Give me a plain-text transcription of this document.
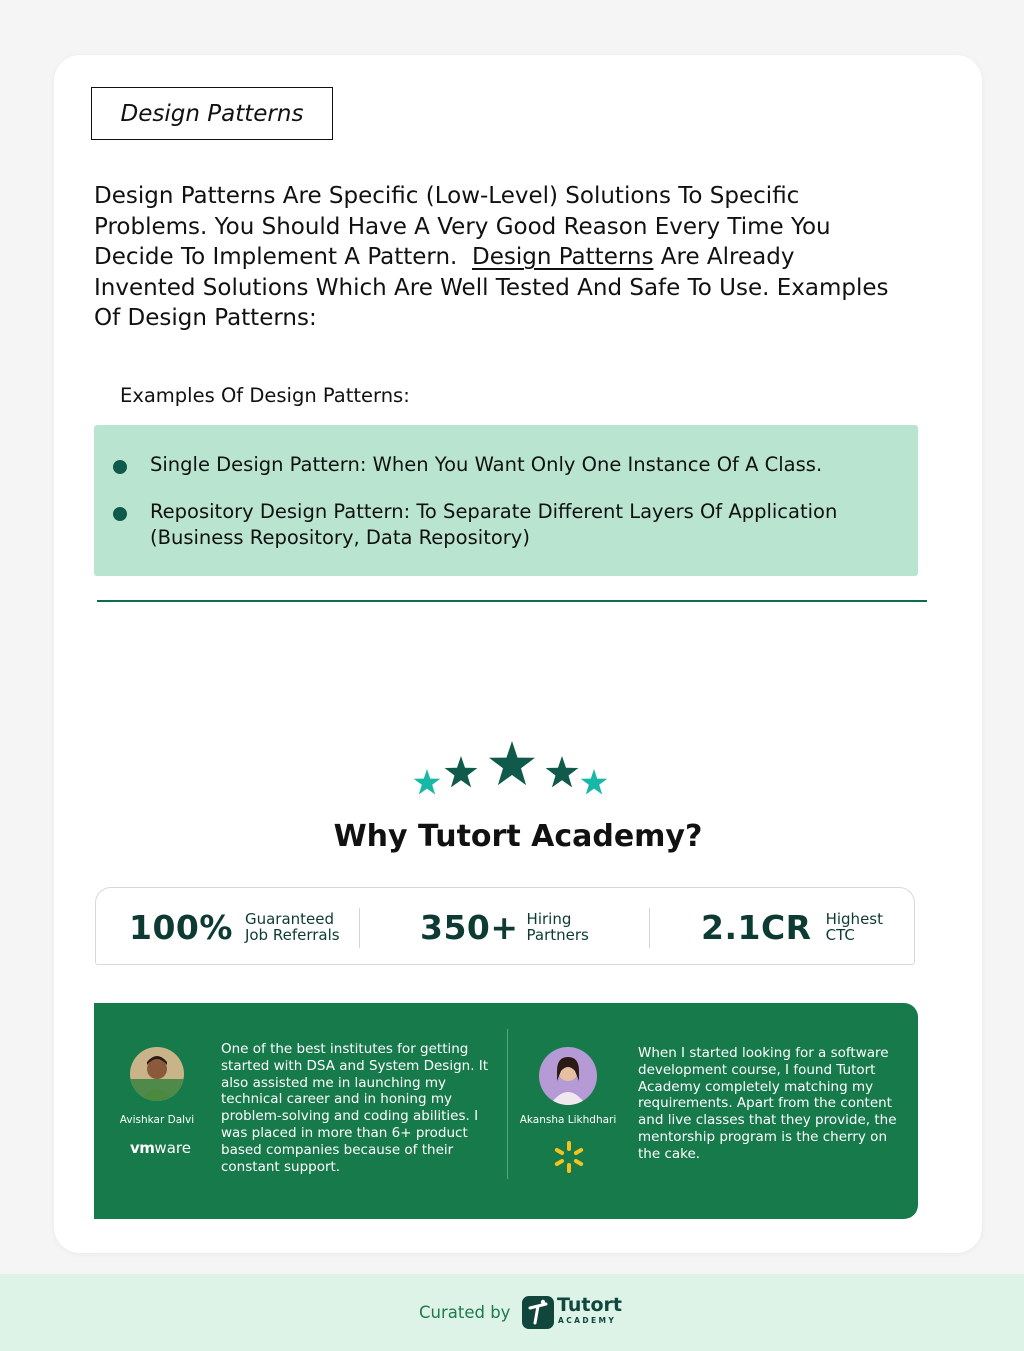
Design Patterns
Design Patterns Are Specific (Low-Level) Solutions To Specific Problems. You Should Have A Very Good Reason Every Time You Decide To Implement A Pattern. Design Patterns Are Already Invented Solutions Which Are Well Tested And Safe To Use. Examples Of Design Patterns:
Examples Of Design Patterns:
Single Design Pattern: When You Want Only One Instance Of A Class.
Repository Design Pattern: To Separate Different Layers Of Application (Business Repository, Data Repository)
Why Tutort Academy?
100% Guaranteed
Job Referrals 350+ Hiring
Partners	2.1CR Highest
CTC
Avishkar Dalvi
vmware
One of the best institutes for getting started with DSA and System Design. It also assisted me in launching my technical career and in honing my problem-solving and coding abilities. I was placed in more than 6+ product based companies because of their constant support.
Akansha Likhdhari
When I started looking for a software development course, I found Tutort Academy completely matching my requirements. Apart from the content and live classes that they provide, the mentorship program is the cherry on the cake.
Curated by Tutort
ACADEMY
